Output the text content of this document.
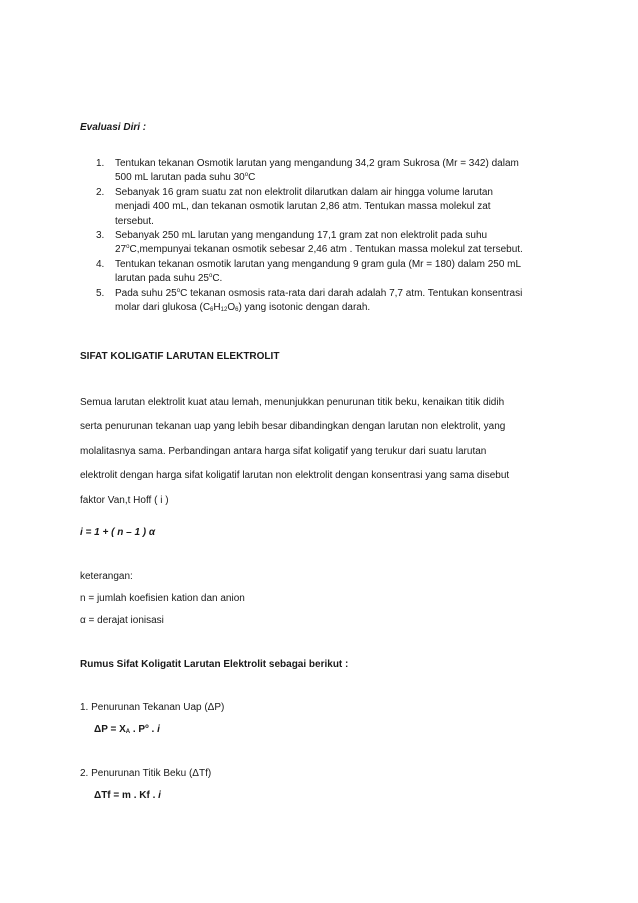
Evaluasi Diri :
1. Tentukan tekanan Osmotik larutan yang mengandung 34,2 gram Sukrosa (Mr = 342) dalam
500 mL larutan pada suhu 30$^o$C
2. Sebanyak 16 gram suatu zat non elektrolit dilarutkan dalam air hingga volume larutan
menjadi 400 mL, dan tekanan osmotik larutan 2,86 atm. Tentukan massa molekul zat
tersebut.
3. Sebanyak 250 mL larutan yang mengandung 17,1 gram zat non elektrolit pada suhu
27$^o$C,mempunyai tekanan osmotik sebesar 2,46 atm . Tentukan massa molekul zat tersebut.
4. Tentukan tekanan osmotik larutan yang mengandung 9 gram gula (Mr = 180) dalam 250 mL
larutan pada suhu 25$^o$C.
5. Pada suhu 25$^o$C tekanan osmosis rata-rata dari darah adalah 7,7 atm. Tentukan konsentrasi
molar dari glukosa $(C_6H_{12}O_6)$ yang isotonic dengan darah.
SIFAT KOLIGATIF LARUTAN ELEKTROLIT
Semua larutan elektrolit kuat atau lemah, menunjukkan penurunan titik beku, kenaikan titik didih
serta penurunan tekanan uap yang lebih besar dibandingkan dengan larutan non elektrolit, yang
molalitasnya sama. Perbandingan antara harga sifat koligatif yang terukur dari suatu larutan
elektrolit dengan harga sifat koligatif larutan non elektrolit dengan konsentrasi yang sama disebut
faktor Van,t Hoff ( i )
i = 1 + ( n – 1 ) α
keterangan:
n = jumlah koefisien kation dan anion
α = derajat ionisasi
Rumus Sifat Koligatit Larutan Elektrolit sebagai berikut :
1. Penurunan Tekanan Uap (ΔP)
$\Delta P = X_A$ . $P^o$ . i
2. Penurunan Titik Beku (ΔTf)
ΔTf = m . Kf . i
